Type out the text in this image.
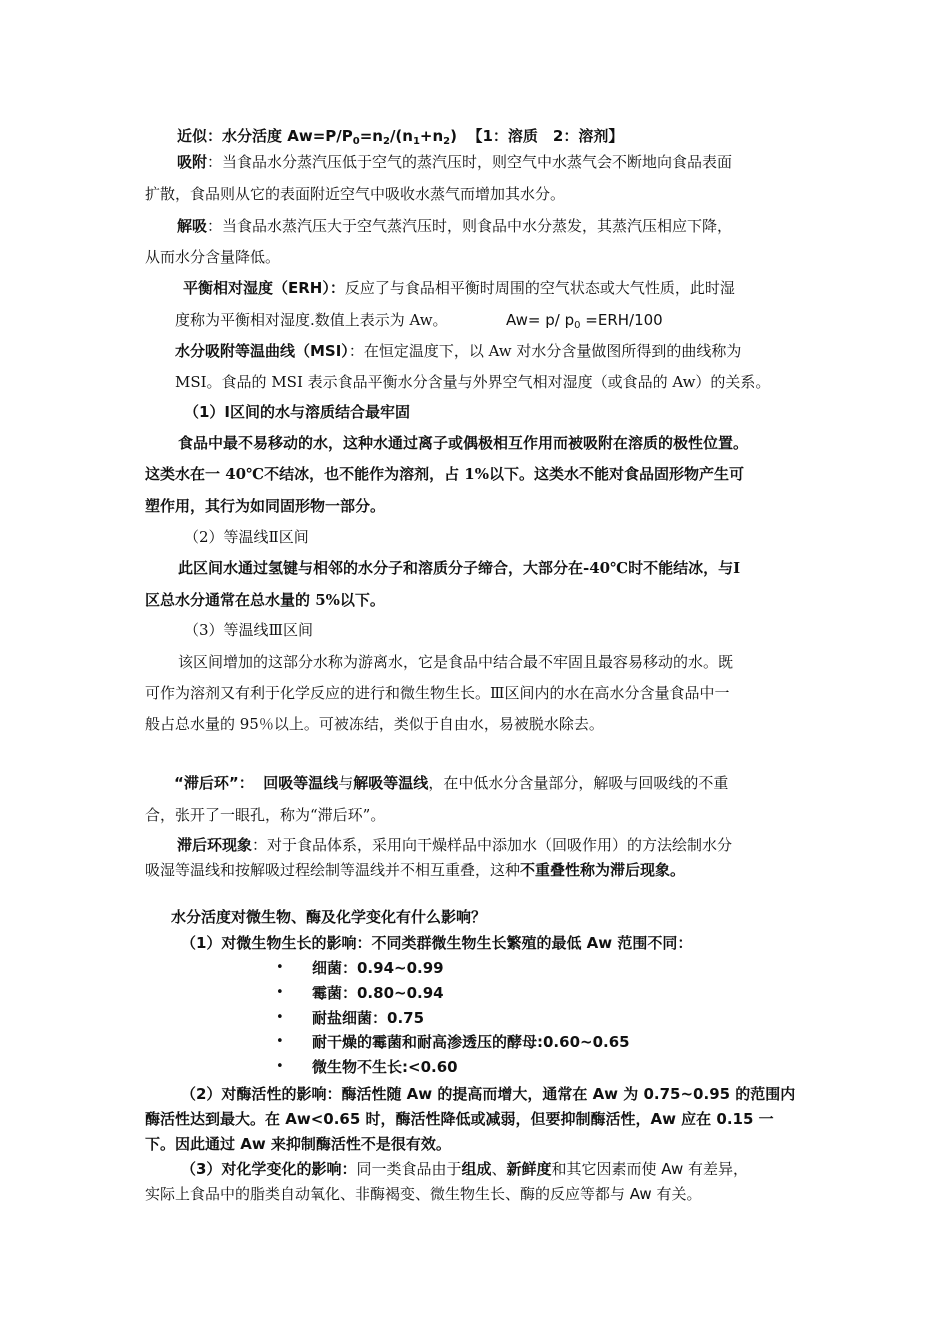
近似：水分活度 $Aw=P/P_0=n_2/(n_1+n_2)$ 【1：溶质　2：溶剂】
吸附：当食品水分蒸汽压低于空气的蒸汽压时，则空气中水蒸气会不断地向食品表面
扩散，食品则从它的表面附近空气中吸收水蒸气而增加其水分。
解吸：当食品水蒸汽压大于空气蒸汽压时，则食品中水分蒸发，其蒸汽压相应下降，
从而水分含量降低。
平衡相对湿度（ERH）：反应了与食品相平衡时周围的空气状态或大气性质，此时湿
度称为平衡相对湿度.数值上表示为 Aw。	Aw= p/ $p_0 =ERH/100$
水分吸附等温曲线（MSI）：在恒定温度下，以 Aw 对水分含量做图所得到的曲线称为
MSI。食品的 MSI 表示食品平衡水分含量与外界空气相对湿度（或食品的 Aw）的关系。
（1）Ⅰ区间的水与溶质结合最牢固
食品中最不易移动的水，这种水通过离子或偶极相互作用而被吸附在溶质的极性位置。
这类水在一 40℃不结冰，也不能作为溶剂，占 1%以下。这类水不能对食品固形物产生可
塑作用，其行为如同固形物一部分。
（2）等温线Ⅱ区间
此区间水通过氢键与相邻的水分子和溶质分子缔合，大部分在-40℃时不能结冰，与Ⅰ
区总水分通常在总水量的 5%以下。
（3）等温线Ⅲ区间
该区间增加的这部分水称为游离水，它是食品中结合最不牢固且最容易移动的水。既
可作为溶剂又有利于化学反应的进行和微生物生长。Ⅲ区间内的水在高水分含量食品中一
般占总水量的 95％以上。可被冻结，类似于自由水，易被脱水除去。
“滞后环”： 回吸等温线与解吸等温线，在中低水分含量部分，解吸与回吸线的不重
合，张开了一眼孔，称为“滞后环”。
滞后环现象：对于食品体系，采用向干燥样品中添加水（回吸作用）的方法绘制水分
吸湿等温线和按解吸过程绘制等温线并不相互重叠，这种不重叠性称为滞后现象。
水分活度对微生物、酶及化学变化有什么影响？
（1）对微生物生长的影响：不同类群微生物生长繁殖的最低 Aw 范围不同：
• 细菌：0.94~0.99
• 霉菌：0.80~0.94
• 耐盐细菌：0.75
• 耐干燥的霉菌和耐高渗透压的酵母:0.60~0.65
• 微生物不生长:<0.60
（2）对酶活性的影响：酶活性随 Aw 的提高而增大，通常在 Aw 为 0.75~0.95 的范围内
酶活性达到最大。在 Aw<0.65 时，酶活性降低或减弱，但要抑制酶活性，Aw 应在 0.15 一
下。因此通过 Aw 来抑制酶活性不是很有效。
（3）对化学变化的影响：同一类食品由于组成、新鲜度和其它因素而使 Aw 有差异，
实际上食品中的脂类自动氧化、非酶褐变、微生物生长、酶的反应等都与 Aw 有关。
